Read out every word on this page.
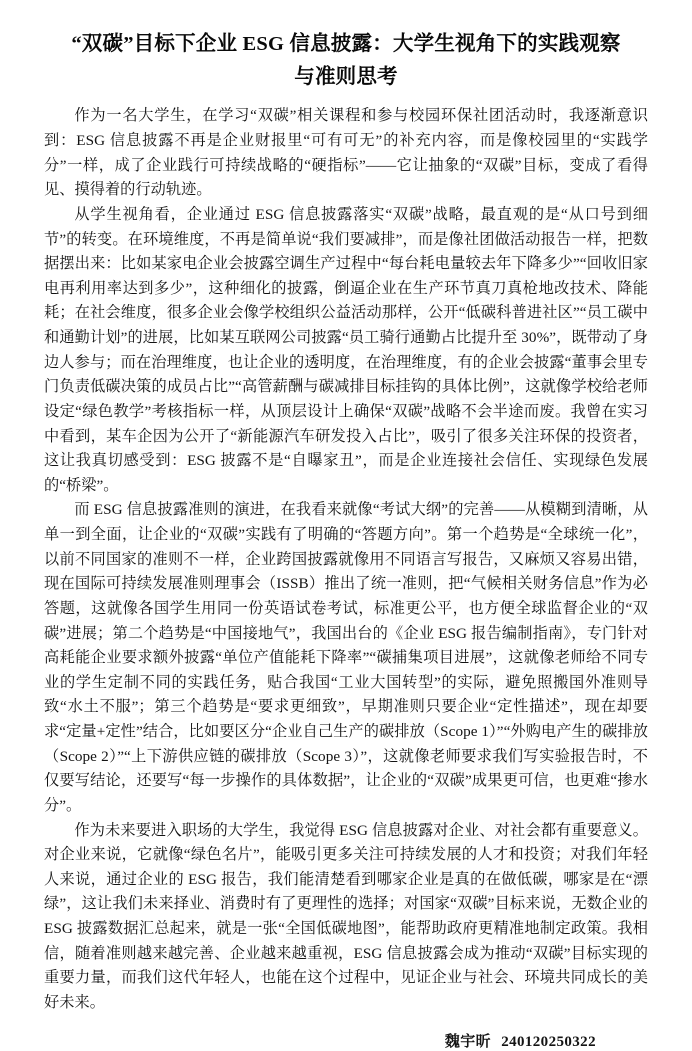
“双碳”目标下企业 ESG 信息披露：大学生视角下的实践观察
与准则思考

作为一名大学生，在学习“双碳”相关课程和参与校园环保社团活动时，我逐渐意识到：ESG 信息披露不再是企业财报里“可有可无”的补充内容，而是像校园里的“实践学分”一样，成了企业践行可持续战略的“硬指标”——它让抽象的“双碳”目标，变成了看得见、摸得着的行动轨迹。

从学生视角看，企业通过 ESG 信息披露落实“双碳”战略，最直观的是“从口号到细节”的转变。在环境维度，不再是简单说“我们要减排”，而是像社团做活动报告一样，把数据摆出来：比如某家电企业会披露空调生产过程中“每台耗电量较去年下降多少”“回收旧家电再利用率达到多少”，这种细化的披露，倒逼企业在生产环节真刀真枪地改技术、降能耗；在社会维度，很多企业会像学校组织公益活动那样，公开“低碳科普进社区”“员工碳中和通勤计划”的进展，比如某互联网公司披露“员工骑行通勤占比提升至 30%”，既带动了身边人参与；而在治理维度，也让企业的透明度，在治理维度，有的企业会披露“董事会里专门负责低碳决策的成员占比”“高管薪酬与碳减排目标挂钩的具体比例”，这就像学校给老师设定“绿色教学”考核指标一样，从顶层设计上确保“双碳”战略不会半途而废。我曾在实习中看到，某车企因为公开了“新能源汽车研发投入占比”，吸引了很多关注环保的投资者，这让我真切感受到：ESG 披露不是“自曝家丑”，而是企业连接社会信任、实现绿色发展的“桥梁”。

而 ESG 信息披露准则的演进，在我看来就像“考试大纲”的完善——从模糊到清晰，从单一到全面，让企业的“双碳”实践有了明确的“答题方向”。第一个趋势是“全球统一化”，以前不同国家的准则不一样，企业跨国披露就像用不同语言写报告，又麻烦又容易出错，现在国际可持续发展准则理事会（ISSB）推出了统一准则，把“气候相关财务信息”作为必答题，这就像各国学生用同一份英语试卷考试，标准更公平，也方便全球监督企业的“双碳”进展；第二个趋势是“中国接地气”，我国出台的《企业 ESG 报告编制指南》，专门针对高耗能企业要求额外披露“单位产值能耗下降率”“碳捕集项目进展”，这就像老师给不同专业的学生定制不同的实践任务，贴合我国“工业大国转型”的实际，避免照搬国外准则导致“水土不服”；第三个趋势是“要求更细致”，早期准则只要企业“定性描述”，现在却要求“定量+定性”结合，比如要区分“企业自己生产的碳排放（Scope 1）”“外购电产生的碳排放（Scope 2）”“上下游供应链的碳排放（Scope 3）”，这就像老师要求我们写实验报告时，不仅要写结论，还要写“每一步操作的具体数据”，让企业的“双碳”成果更可信，也更难“掺水分”。

作为未来要进入职场的大学生，我觉得 ESG 信息披露对企业、对社会都有重要意义。对企业来说，它就像“绿色名片”，能吸引更多关注可持续发展的人才和投资；对我们年轻人来说，通过企业的 ESG 报告，我们能清楚看到哪家企业是真的在做低碳，哪家是在“漂绿”，这让我们未来择业、消费时有了更理性的选择；对国家“双碳”目标来说，无数企业的 ESG 披露数据汇总起来，就是一张“全国低碳地图”，能帮助政府更精准地制定政策。我相信，随着准则越来越完善、企业越来越重视，ESG 信息披露会成为推动“双碳”目标实现的重要力量，而我们这代年轻人，也能在这个过程中，见证企业与社会、环境共同成长的美好未来。

魏宇昕 240120250322
